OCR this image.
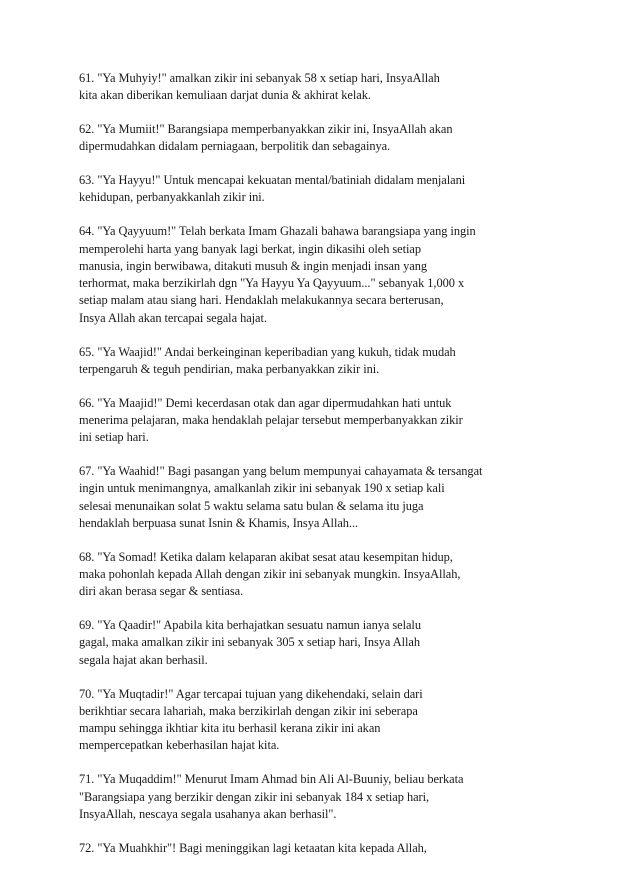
61. "Ya Muhyiy!" amalkan zikir ini sebanyak 58 x setiap hari, InsyaAllah
kita akan diberikan kemuliaan darjat dunia & akhirat kelak.
62. "Ya Mumiit!" Barangsiapa memperbanyakkan zikir ini, InsyaAllah akan
dipermudahkan didalam perniagaan, berpolitik dan sebagainya.
63. "Ya Hayyu!" Untuk mencapai kekuatan mental/batiniah didalam menjalani
kehidupan, perbanyakkanlah zikir ini.
64. "Ya Qayyuum!" Telah berkata Imam Ghazali bahawa barangsiapa yang ingin
memperolehi harta yang banyak lagi berkat, ingin dikasihi oleh setiap
manusia, ingin berwibawa, ditakuti musuh & ingin menjadi insan yang
terhormat, maka berzikirlah dgn "Ya Hayyu Ya Qayyuum..." sebanyak 1,000 x
setiap malam atau siang hari. Hendaklah melakukannya secara berterusan,
Insya Allah akan tercapai segala hajat.
65. "Ya Waajid!" Andai berkeinginan keperibadian yang kukuh, tidak mudah
terpengaruh & teguh pendirian, maka perbanyakkan zikir ini.
66. "Ya Maajid!" Demi kecerdasan otak dan agar dipermudahkan hati untuk
menerima pelajaran, maka hendaklah pelajar tersebut memperbanyakkan zikir
ini setiap hari.
67. "Ya Waahid!" Bagi pasangan yang belum mempunyai cahayamata & tersangat
ingin untuk menimangnya, amalkanlah zikir ini sebanyak 190 x setiap kali
selesai menunaikan solat 5 waktu selama satu bulan & selama itu juga
hendaklah berpuasa sunat Isnin & Khamis, Insya Allah...
68. "Ya Somad! Ketika dalam kelaparan akibat sesat atau kesempitan hidup,
maka pohonlah kepada Allah dengan zikir ini sebanyak mungkin. InsyaAllah,
diri akan berasa segar & sentiasa.
69. "Ya Qaadir!" Apabila kita berhajatkan sesuatu namun ianya selalu
gagal, maka amalkan zikir ini sebanyak 305 x setiap hari, Insya Allah
segala hajat akan berhasil.
70. "Ya Muqtadir!" Agar tercapai tujuan yang dikehendaki, selain dari
berikhtiar secara lahariah, maka berzikirlah dengan zikir ini seberapa
mampu sehingga ikhtiar kita itu berhasil kerana zikir ini akan
mempercepatkan keberhasilan hajat kita.
71. "Ya Muqaddim!" Menurut Imam Ahmad bin Ali Al-Buuniy, beliau berkata
"Barangsiapa yang berzikir dengan zikir ini sebanyak 184 x setiap hari,
InsyaAllah, nescaya segala usahanya akan berhasil".
72. "Ya Muahkhir"! Bagi meninggikan lagi ketaatan kita kepada Allah,
